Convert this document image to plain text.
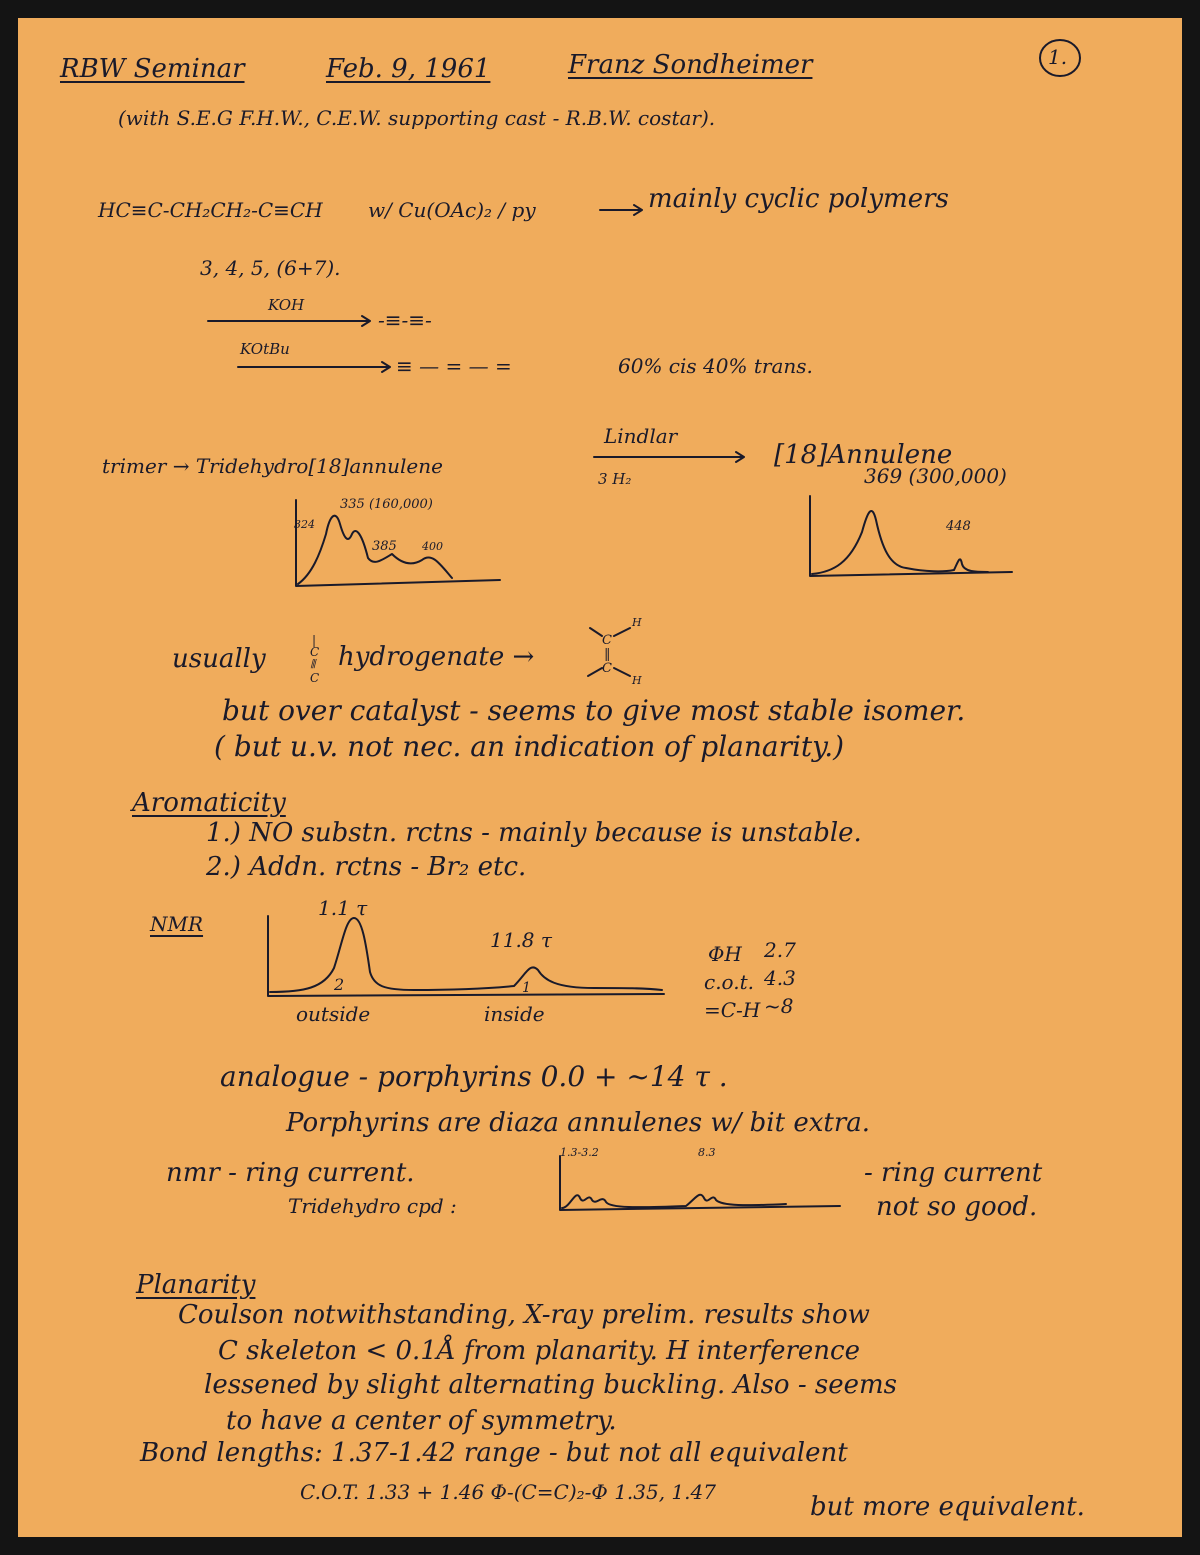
RBW Seminar	Feb. 9, 1961	Franz Sondheimer	1.
(with S.E.G F.H.W., C.E.W. supporting cast - R.B.W. costar).
HC≡C-CH₂CH₂-C≡CH w/ Cu(OAc)₂ / py	mainly cyclic polymers
3, 4, 5, (6+7).
KOH
-≡-≡-
KOtBu
≡ — = — =	60% cis 40% trans.
trimer → Tridehydro[18]annulene
Lindlar
3 H₂
[18]Annulene
324
335 (160,000)
385 400
369 (300,000)
448
usually
|
C
⦀
C
hydrogenate →
C
‖
C
H
H
but over catalyst - seems to give most stable isomer.
( but u.v. not nec. an indication of planarity.)
Aromaticity
1.) NO substn. rctns - mainly because is unstable.
2.) Addn. rctns - Br₂ etc.
NMR
1.1 τ
11.8 τ
2	1
outside	inside
ΦH 2.7
c.o.t. 4.3
=C-H ~8
analogue - porphyrins 0.0 + ~14 τ .
Porphyrins are diaza annulenes w/ bit extra.
nmr - ring current.
Tridehydro cpd :
1.3-3.2	8.3
- ring current
not so good.
Planarity
Coulson notwithstanding, X-ray prelim. results show
C skeleton < 0.1Å from planarity. H interference
lessened by slight alternating buckling. Also - seems
to have a center of symmetry.
Bond lengths: 1.37-1.42 range - but not all equivalent
C.O.T. 1.33 + 1.46 Φ-(C=C)₂-Φ 1.35, 1.47	but more equivalent.
